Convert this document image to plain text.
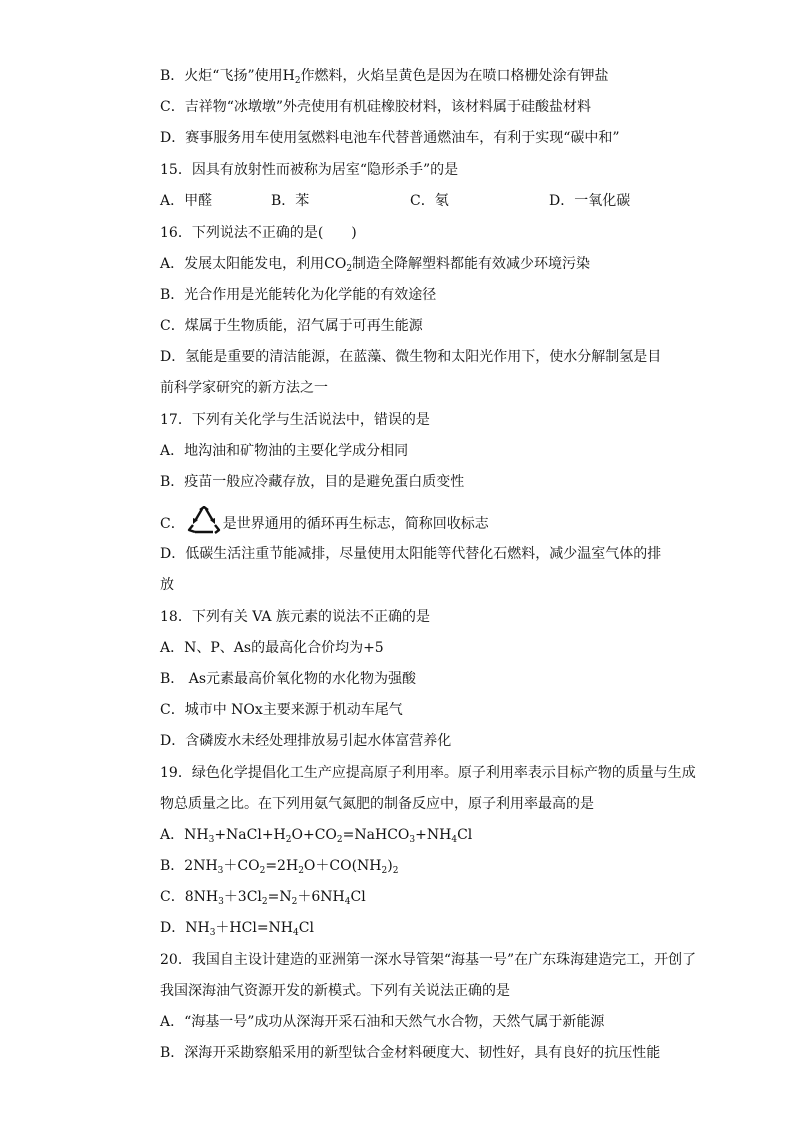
B．火炬“飞扬”使用$H_2$作燃料，火焰呈黄色是因为在喷口格栅处涂有钾盐
C．吉祥物“冰墩墩”外壳使用有机硅橡胶材料，该材料属于硅酸盐材料
D．赛事服务用车使用氢燃料电池车代替普通燃油车，有利于实现“碳中和”
15．因具有放射性而被称为居室“隐形杀手”的是
A．甲醛	B．苯	C．氡	D．一氧化碳
16．下列说法不正确的是(　　)
A．发展太阳能发电，利用$CO_2$制造全降解塑料都能有效减少环境污染
B．光合作用是光能转化为化学能的有效途径
C．煤属于生物质能，沼气属于可再生能源
D．氢能是重要的清洁能源，在蓝藻、微生物和太阳光作用下，使水分解制氢是目
前科学家研究的新方法之一
17．下列有关化学与生活说法中，错误的是
A．地沟油和矿物油的主要化学成分相同
B．疫苗一般应冷藏存放，目的是避免蛋白质变性
C．	是世界通用的循环再生标志，简称回收标志
D．低碳生活注重节能减排，尽量使用太阳能等代替化石燃料，减少温室气体的排
放
18．下列有关 VA 族元素的说法不正确的是
A．N、P、As的最高化合价均为+5
B． As元素最高价氧化物的水化物为强酸
C．城市中 NOx主要来源于机动车尾气
D．含磷废水未经处理排放易引起水体富营养化
19．绿色化学提倡化工生产应提高原子利用率。原子利用率表示目标产物的质量与生成
物总质量之比。在下列用氨气氮肥的制备反应中，原子利用率最高的是
A．$NH_3+NaCl+H_2O+CO_2=NaHCO_3+NH_4Cl$
B．$2NH_3+CO_2=2H_2O+CO(NH_2)_2$
C．$8NH_3+3Cl_2=N_2+6NH_4Cl$
D．$NH_3+HCl=NH_4Cl$
20．我国自主设计建造的亚洲第一深水导管架“海基一号”在广东珠海建造完工，开创了
我国深海油气资源开发的新模式。下列有关说法正确的是
A．“海基一号”成功从深海开采石油和天然气水合物，天然气属于新能源
B．深海开采勘察船采用的新型钛合金材料硬度大、韧性好，具有良好的抗压性能
